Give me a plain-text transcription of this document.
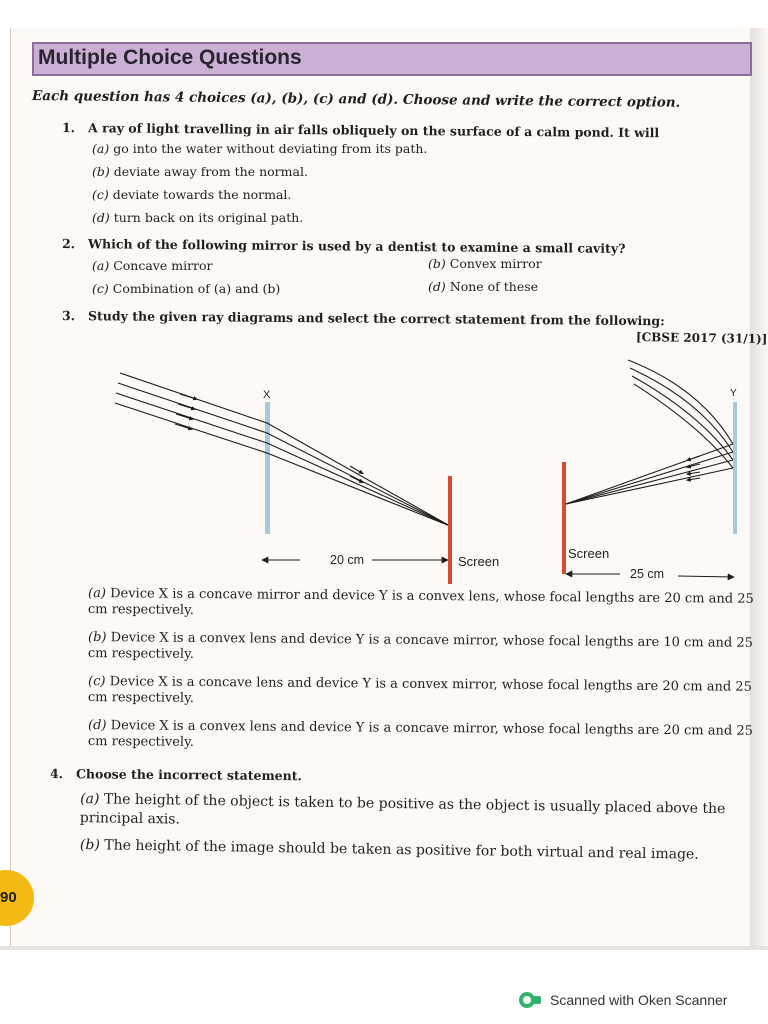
Multiple Choice Questions
Each question has 4 choices (a), (b), (c) and (d). Choose and write the correct option.
1. A ray of light travelling in air falls obliquely on the surface of a calm pond. It will
(a) go into the water without deviating from its path.
(b) deviate away from the normal.
(c) deviate towards the normal.
(d) turn back on its original path.
2. Which of the following mirror is used by a dentist to examine a small cavity?
(a) Concave mirror	(b) Convex mirror
(c) Combination of (a) and (b)	(d) None of these
3. Study the given ray diagrams and select the correct statement from the following:
[CBSE 2017 (31/1)]
X
20 cm	Screen
Screen
Y
25 cm
(a) Device X is a concave mirror and device Y is a convex lens, whose focal lengths are 20 cm and 25 cm respectively.
(b) Device X is a convex lens and device Y is a concave mirror, whose focal lengths are 10 cm and 25 cm respectively.
(c) Device X is a concave lens and device Y is a convex mirror, whose focal lengths are 20 cm and 25 cm respectively.
(d) Device X is a convex lens and device Y is a concave mirror, whose focal lengths are 20 cm and 25 cm respectively.
4. Choose the incorrect statement.
(a) The height of the object is taken to be positive as the object is usually placed above the principal axis.
(b) The height of the image should be taken as positive for both virtual and real image.
90
Scanned with Oken Scanner
